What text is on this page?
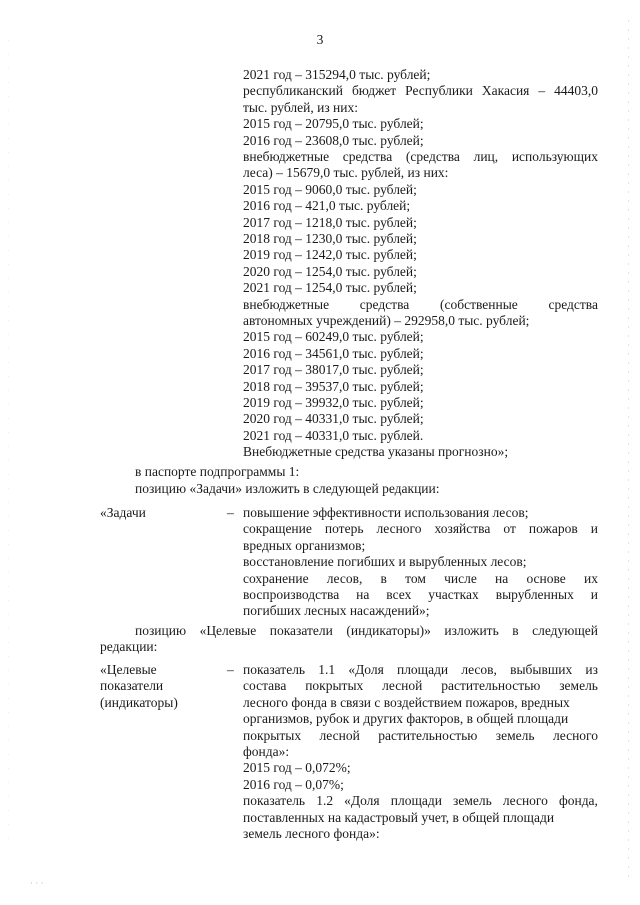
3
2021 год – 315294,0 тыс. рублей;
республиканский бюджет Республики Хакасия – 44403,0
тыс. рублей, из них:
2015 год – 20795,0 тыс. рублей;
2016 год – 23608,0 тыс. рублей;
внебюджетные средства (средства лиц, использующих
леса) – 15679,0 тыс. рублей, из них:
2015 год – 9060,0 тыс. рублей;
2016 год – 421,0 тыс. рублей;
2017 год – 1218,0 тыс. рублей;
2018 год – 1230,0 тыс. рублей;
2019 год – 1242,0 тыс. рублей;
2020 год – 1254,0 тыс. рублей;
2021 год – 1254,0 тыс. рублей;
внебюджетные средства (собственные средства
автономных учреждений) – 292958,0 тыс. рублей;
2015 год – 60249,0 тыс. рублей;
2016 год – 34561,0 тыс. рублей;
2017 год – 38017,0 тыс. рублей;
2018 год – 39537,0 тыс. рублей;
2019 год – 39932,0 тыс. рублей;
2020 год – 40331,0 тыс. рублей;
2021 год – 40331,0 тыс. рублей.
Внебюджетные средства указаны прогнозно»;
в паспорте подпрограммы 1:
позицию «Задачи» изложить в следующей редакции:
«Задачи	– повышение эффективности использования лесов;
сокращение потерь лесного хозяйства от пожаров и
вредных организмов;
восстановление погибших и вырубленных лесов;
сохранение лесов, в том числе на основе их
воспроизводства на всех участках вырубленных и
погибших лесных насаждений»;
позицию «Целевые показатели (индикаторы)» изложить в следующей
редакции:
«Целевые
показатели
(индикаторы)
– показатель 1.1 «Доля площади лесов, выбывших из
состава покрытых лесной растительностью земель
лесного фонда в связи с воздействием пожаров, вредных
организмов, рубок и других факторов, в общей площади
покрытых лесной растительностью земель лесного
фонда»:
2015 год – 0,072%;
2016 год – 0,07%;
показатель 1.2 «Доля площади земель лесного фонда,
поставленных на кадастровый учет, в общей площади
земель лесного фонда»:
· · ·
